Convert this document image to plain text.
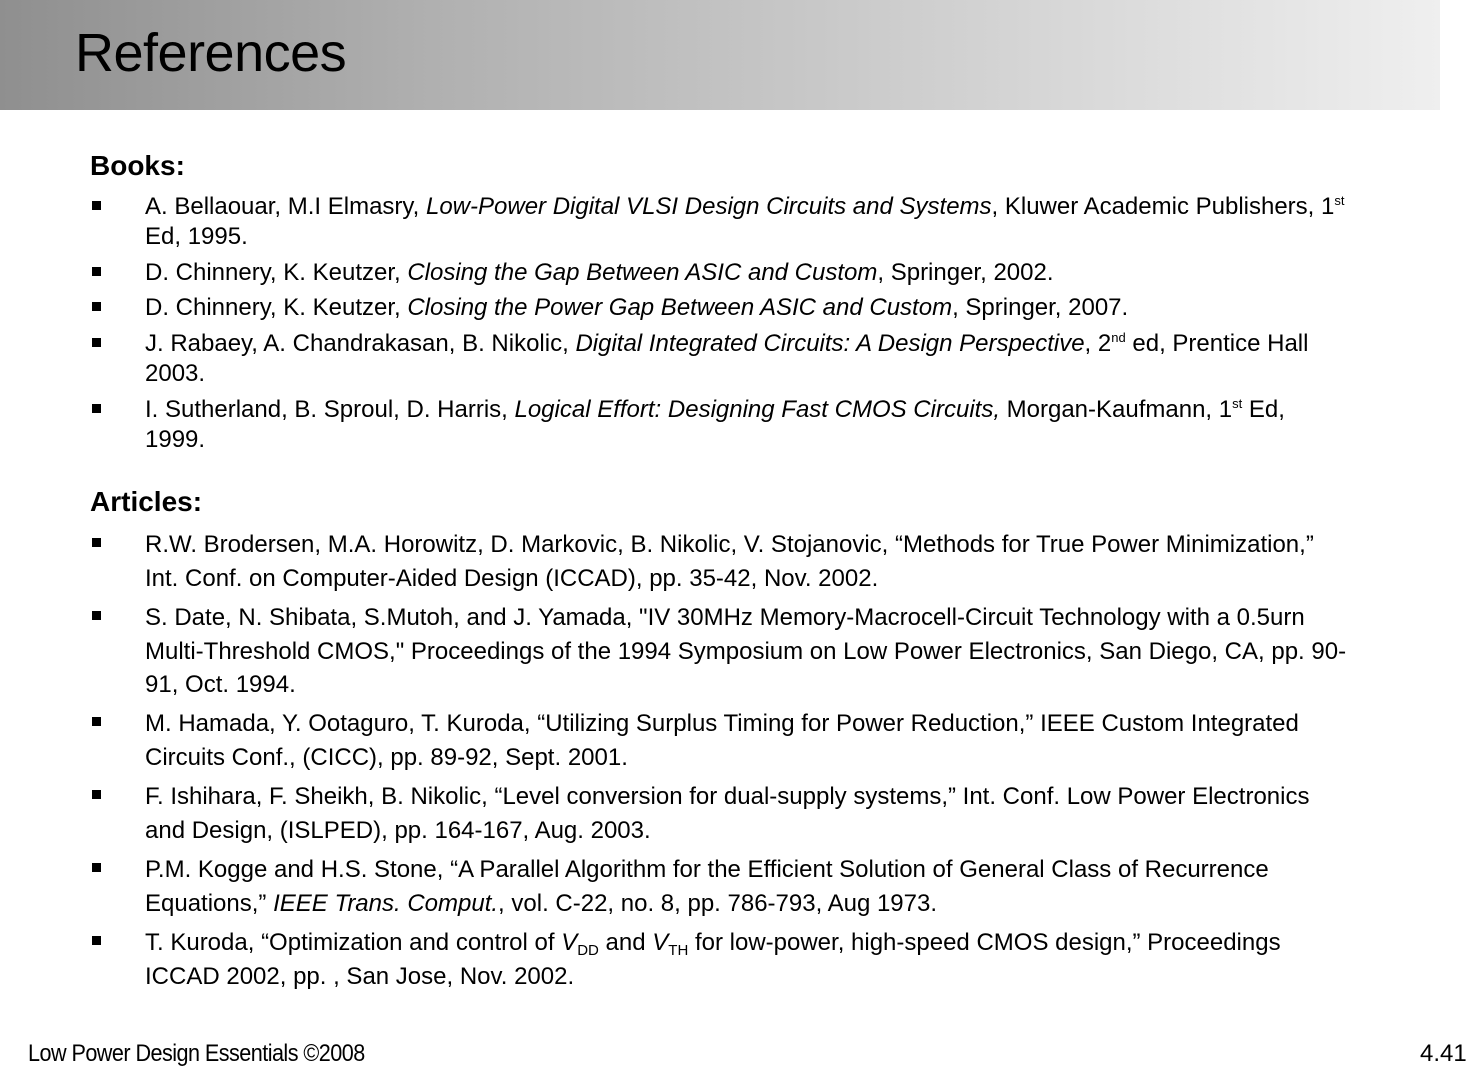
References
Books:
A. Bellaouar, M.I Elmasry, Low-Power Digital VLSI Design Circuits and Systems, Kluwer Academic Publishers, 1st Ed, 1995.
D. Chinnery, K. Keutzer, Closing the Gap Between ASIC and Custom, Springer, 2002.
D. Chinnery, K. Keutzer, Closing the Power Gap Between ASIC and Custom, Springer, 2007.
J. Rabaey, A. Chandrakasan, B. Nikolic, Digital Integrated Circuits: A Design Perspective, 2nd ed, Prentice Hall 2003.
I. Sutherland, B. Sproul, D. Harris, Logical Effort: Designing Fast CMOS Circuits, Morgan-Kaufmann, 1st Ed, 1999.
Articles:
R.W. Brodersen, M.A. Horowitz, D. Markovic, B. Nikolic, V. Stojanovic, “Methods for True Power Minimization,” Int. Conf. on Computer-Aided Design (ICCAD), pp. 35-42, Nov. 2002.
S. Date, N. Shibata, S.Mutoh, and J. Yamada, "IV 30MHz Memory-Macrocell-Circuit Technology with a 0.5urn Multi-Threshold CMOS," Proceedings of the 1994 Symposium on Low Power Electronics, San Diego, CA, pp. 90-91, Oct. 1994.
M. Hamada, Y. Ootaguro, T. Kuroda, “Utilizing Surplus Timing for Power Reduction,” IEEE Custom Integrated Circuits Conf., (CICC), pp. 89-92, Sept. 2001.
F. Ishihara, F. Sheikh, B. Nikolic, “Level conversion for dual-supply systems,” Int. Conf. Low Power Electronics and Design, (ISLPED), pp. 164-167, Aug. 2003.
P.M. Kogge and H.S. Stone, “A Parallel Algorithm for the Efficient Solution of General Class of Recurrence Equations,” IEEE Trans. Comput., vol. C-22, no. 8, pp. 786-793, Aug 1973.
T. Kuroda, “Optimization and control of $V_{DD}$ and $V_{TH}$ for low-power, high-speed CMOS design,” Proceedings ICCAD 2002, pp. , San Jose, Nov. 2002.
Low Power Design Essentials ©2008	4.41
